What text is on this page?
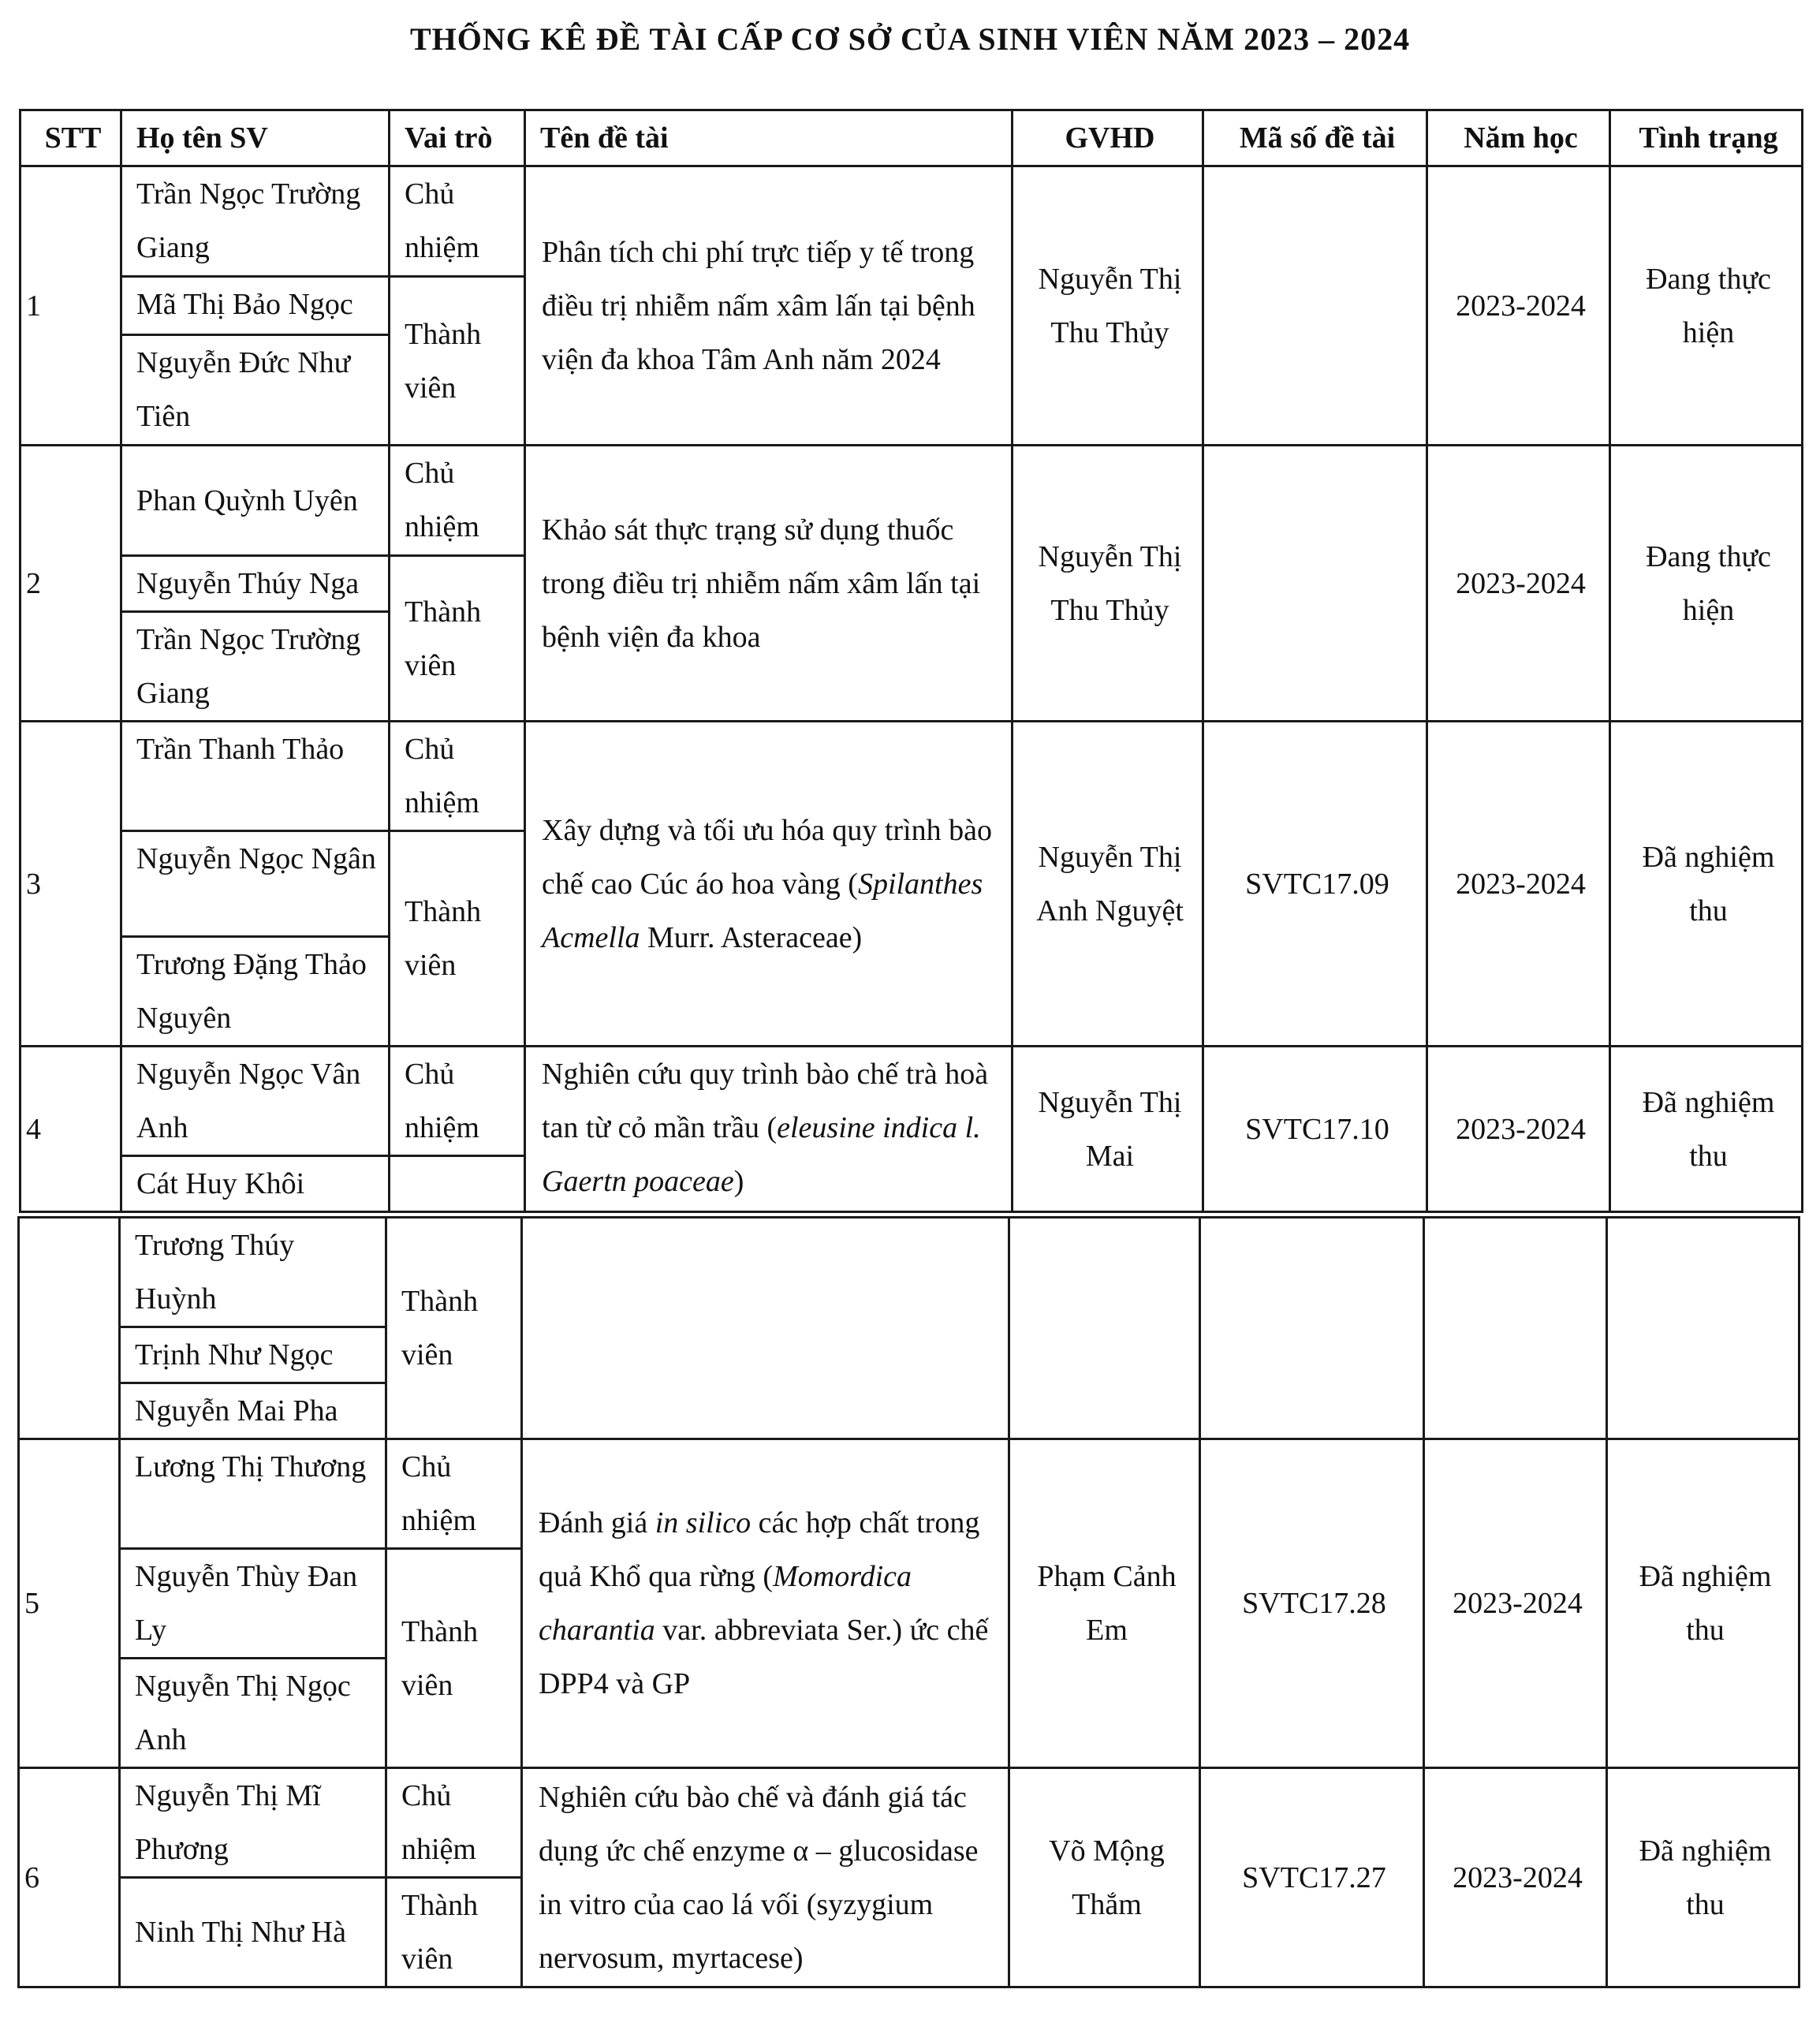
THỐNG KÊ ĐỀ TÀI CẤP CƠ SỞ CỦA SINH VIÊN NĂM 2023 – 2024
STT	Họ tên SV	Vai trò	Tên đề tài	GVHD	Mã số đề tài	Năm học	Tình trạng
1	Trần Ngọc Trường Giang	Chủ nhiệm	Phân tích chi phí trực tiếp y tế trong điều trị nhiễm nấm xâm lấn tại bệnh viện đa khoa Tâm Anh năm 2024	Nguyễn Thị Thu Thủy		2023-2024	Đang thực hiện
	Mã Thị Bảo Ngọc	Thành viên					
	Nguyễn Đức Như Tiên						
2	Phan Quỳnh Uyên	Chủ nhiệm	Khảo sát thực trạng sử dụng thuốc trong điều trị nhiễm nấm xâm lấn tại bệnh viện đa khoa	Nguyễn Thị Thu Thủy		2023-2024	Đang thực hiện
	Nguyễn Thúy Nga	Thành viên					
	Trần Ngọc Trường Giang						
3	Trần Thanh Thảo	Chủ nhiệm	Xây dựng và tối ưu hóa quy trình bào chế cao Cúc áo hoa vàng (Spilanthes Acmella Murr. Asteraceae)	Nguyễn Thị Anh Nguyệt	SVTC17.09	2023-2024	Đã nghiệm thu
	Nguyễn Ngọc Ngân	Thành viên					
	Trương Đặng Thảo Nguyên						
4	Nguyễn Ngọc Vân Anh	Chủ nhiệm	Nghiên cứu quy trình bào chế trà hoà tan từ cỏ mần trầu (eleusine indica l. Gaertn poaceae)	Nguyễn Thị Mai	SVTC17.10	2023-2024	Đã nghiệm thu
	Cát Huy Khôi						
	Trương Thúy Huỳnh	Thành viên					
	Trịnh Như Ngọc						
	Nguyễn Mai Pha						
5	Lương Thị Thương	Chủ nhiệm	Đánh giá in silico các hợp chất trong quả Khổ qua rừng (Momordica charantia var. abbreviata Ser.) ức chế DPP4 và GP	Phạm Cảnh Em	SVTC17.28	2023-2024	Đã nghiệm thu
	Nguyễn Thùy Đan Ly	Thành viên					
	Nguyễn Thị Ngọc Anh						
6	Nguyễn Thị Mĩ Phương	Chủ nhiệm	Nghiên cứu bào chế và đánh giá tác dụng ức chế enzyme α – glucosidase in vitro của cao lá vối (syzygium nervosum, myrtacese)	Võ Mộng Thắm	SVTC17.27	2023-2024	Đã nghiệm thu
	Ninh Thị Như Hà	Thành viên					
